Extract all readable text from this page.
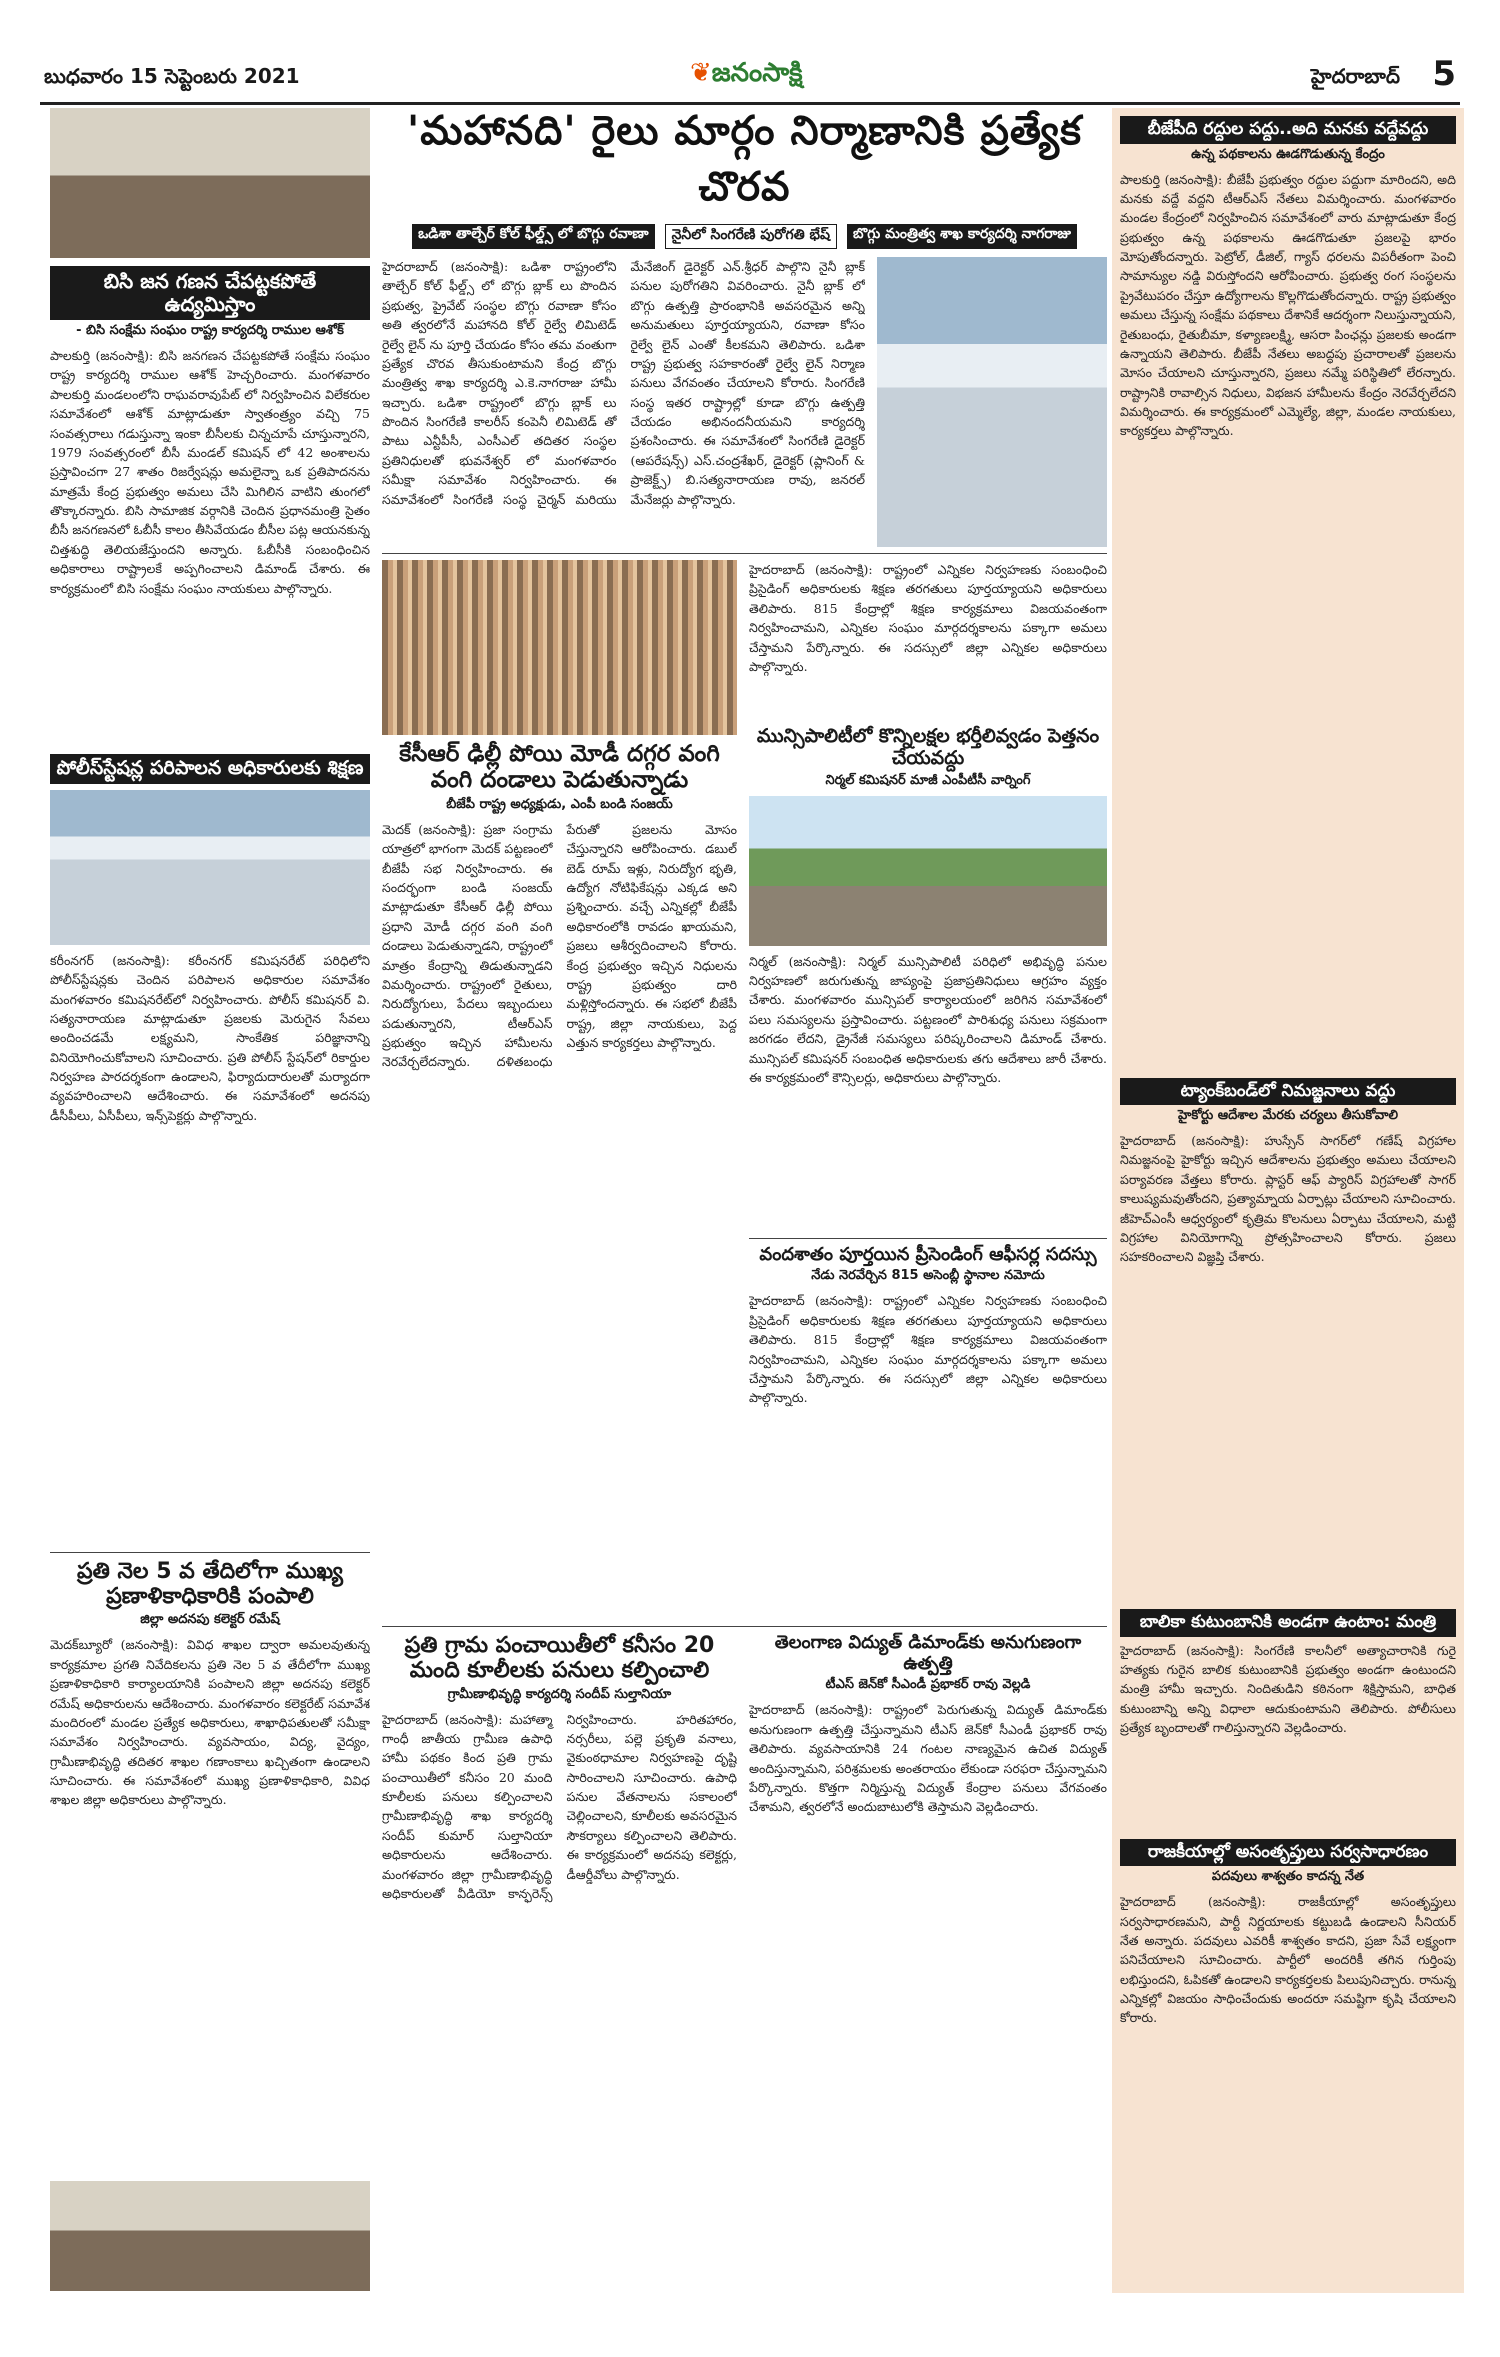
బుధవారం 15 సెప్టెంబరు 2021	❦జనంసాక్షి	హైదరాబాద్ 5
బిసి జన గణన చేపట్టకపోతే ఉద్యమిస్తాం
- బిసి సంక్షేమ సంఘం రాష్ట్ర కార్యదర్శి రాముల ఆశోక్
పాలకుర్తి (జనంసాక్షి): బిసి జనగణన చేపట్టకపోతే సంక్షేమ సంఘం రాష్ట్ర కార్యదర్శి రాముల ఆశోక్ హెచ్చరించారు. మంగళవారం పాలకుర్తి మండలంలోని రాఘవరావుపేట్ లో నిర్వహించిన విలేకరుల సమావేశంలో ఆశోక్ మాట్లాడుతూ స్వాతంత్ర్యం వచ్చి 75 సంవత్సరాలు గడుస్తున్నా ఇంకా బీసీలకు చిన్నచూపే చూస్తున్నారని, 1979 సంవత్సరంలో బీసీ మండల్ కమిషన్ లో 42 అంశాలను ప్రస్తావించగా 27 శాతం రిజర్వేషన్లు అమలైన్నా ఒక ప్రతిపాదనను మాత్రమే కేంద్ర ప్రభుత్వం అమలు చేసి మిగిలిన వాటిని తుంగలో తొక్కారన్నారు. బిసి సామాజిక వర్గానికి చెందిన ప్రధానమంత్రి సైతం బీసీ జనగణనలో ఓబీసీ కాలం తీసివేయడం బీసీల పట్ల ఆయనకున్న చిత్తశుద్ధి తెలియజేస్తుందని అన్నారు. ఓబీసీకి సంబంధించిన అధికారాలు రాష్ట్రాలకే అప్పగించాలని డిమాండ్ చేశారు. ఈ కార్యక్రమంలో బిసి సంక్షేమ సంఘం నాయకులు పాల్గొన్నారు.
పోలీస్‌స్టేషన్ల పరిపాలన అధికారులకు శిక్షణ
కరీంనగర్ (జనంసాక్షి): కరీంనగర్ కమిషనరేట్ పరిధిలోని పోలీస్‌స్టేషన్లకు చెందిన పరిపాలన అధికారుల సమావేశం మంగళవారం కమిషనరేట్‌లో నిర్వహించారు. పోలీస్ కమిషనర్ వి. సత్యనారాయణ మాట్లాడుతూ ప్రజలకు మెరుగైన సేవలు అందించడమే లక్ష్యమని, సాంకేతిక పరిజ్ఞానాన్ని వినియోగించుకోవాలని సూచించారు. ప్రతి పోలీస్ స్టేషన్‌లో రికార్డుల నిర్వహణ పారదర్శకంగా ఉండాలని, ఫిర్యాదుదారులతో మర్యాదగా వ్యవహరించాలని ఆదేశించారు. ఈ సమావేశంలో అదనపు డీసీపీలు, ఏసీపీలు, ఇన్స్‌పెక్టర్లు పాల్గొన్నారు.
ప్రతి నెల 5 వ తేదిలోగా ముఖ్య ప్రణాళికాధికారికి పంపాలి
జిల్లా అదనపు కలెక్టర్ రమేష్
మెదక్‌బ్యూరో (జనంసాక్షి): వివిధ శాఖల ద్వారా అమలవుతున్న కార్యక్రమాల ప్రగతి నివేదికలను ప్రతి నెల 5 వ తేదీలోగా ముఖ్య ప్రణాళికాధికారి కార్యాలయానికి పంపాలని జిల్లా అదనపు కలెక్టర్ రమేష్ అధికారులను ఆదేశించారు. మంగళవారం కలెక్టరేట్ సమావేశ మందిరంలో మండల ప్రత్యేక అధికారులు, శాఖాధిపతులతో సమీక్షా సమావేశం నిర్వహించారు. వ్యవసాయం, విద్య, వైద్యం, గ్రామీణాభివృద్ధి తదితర శాఖల గణాంకాలు ఖచ్చితంగా ఉండాలని సూచించారు. ఈ సమావేశంలో ముఖ్య ప్రణాళికాధికారి, వివిధ శాఖల జిల్లా అధికారులు పాల్గొన్నారు.
'మహానది' రైలు మార్గం నిర్మాణానికి ప్రత్యేక చొరవ
ఒడిశా తాల్చేర్ కోల్ ఫీల్డ్స్ లో బొగ్గు రవాణా	నైనీలో సింగరేణి పురోగతి భేష్	బొగ్గు మంత్రిత్వ శాఖ కార్యదర్శి నాగరాజు
హైదరాబాద్ (జనంసాక్షి): ఒడిశా రాష్ట్రంలోని తాల్చేర్ కోల్ ఫీల్డ్స్ లో బొగ్గు బ్లాక్ లు పొందిన ప్రభుత్వ, ప్రైవేట్ సంస్థల బొగ్గు రవాణా కోసం అతి త్వరలోనే మహానది కోల్ రైల్వే లిమిటెడ్ రైల్వే లైన్ ను పూర్తి చేయడం కోసం తమ వంతుగా ప్రత్యేక చొరవ తీసుకుంటామని కేంద్ర బొగ్గు మంత్రిత్వ శాఖ కార్యదర్శి ఎ.కె.నాగరాజు హామీ ఇచ్చారు. ఒడిశా రాష్ట్రంలో బొగ్గు బ్లాక్ లు పొందిన సింగరేణి కాలరీస్ కంపెనీ లిమిటెడ్ తో పాటు ఎన్టీపీసీ, ఎంసీఎల్ తదితర సంస్థల ప్రతినిధులతో భువనేశ్వర్ లో మంగళవారం సమీక్షా సమావేశం నిర్వహించారు. ఈ సమావేశంలో సింగరేణి సంస్థ చైర్మన్ మరియు మేనేజింగ్ డైరెక్టర్ ఎన్.శ్రీధర్ పాల్గొని నైనీ బ్లాక్ పనుల పురోగతిని వివరించారు. నైనీ బ్లాక్ లో బొగ్గు ఉత్పత్తి ప్రారంభానికి అవసరమైన అన్ని అనుమతులు పూర్తయ్యాయని, రవాణా కోసం రైల్వే లైన్ ఎంతో కీలకమని తెలిపారు. ఒడిశా రాష్ట్ర ప్రభుత్వ సహకారంతో రైల్వే లైన్ నిర్మాణ పనులు వేగవంతం చేయాలని కోరారు. సింగరేణి సంస్థ ఇతర రాష్ట్రాల్లో కూడా బొగ్గు ఉత్పత్తి చేయడం అభినందనీయమని కార్యదర్శి ప్రశంసించారు. ఈ సమావేశంలో సింగరేణి డైరెక్టర్ (ఆపరేషన్స్) ఎస్.చంద్రశేఖర్, డైరెక్టర్ (ప్లానింగ్ & ప్రాజెక్ట్స్) బి.సత్యనారాయణ రావు, జనరల్ మేనేజర్లు పాల్గొన్నారు.
కేసీఆర్ ఢిల్లీ పోయి మోడీ దగ్గర వంగి వంగి దండాలు పెడుతున్నాడు
బీజేపీ రాష్ట్ర అధ్యక్షుడు, ఎంపీ బండి సంజయ్
మెదక్ (జనంసాక్షి): ప్రజా సంగ్రామ యాత్రలో భాగంగా మెదక్ పట్టణంలో బీజేపీ సభ నిర్వహించారు. ఈ సందర్భంగా బండి సంజయ్ మాట్లాడుతూ కేసీఆర్ ఢిల్లీ పోయి ప్రధాని మోడీ దగ్గర వంగి వంగి దండాలు పెడుతున్నాడని, రాష్ట్రంలో మాత్రం కేంద్రాన్ని తిడుతున్నాడని విమర్శించారు. రాష్ట్రంలో రైతులు, నిరుద్యోగులు, పేదలు ఇబ్బందులు పడుతున్నారని, టీఆర్ఎస్ ప్రభుత్వం ఇచ్చిన హామీలను నెరవేర్చలేదన్నారు. దళితబంధు పేరుతో ప్రజలను మోసం చేస్తున్నారని ఆరోపించారు. డబుల్ బెడ్ రూమ్ ఇళ్లు, నిరుద్యోగ భృతి, ఉద్యోగ నోటిఫికేషన్లు ఎక్కడ అని ప్రశ్నించారు. వచ్చే ఎన్నికల్లో బీజేపీ అధికారంలోకి రావడం ఖాయమని, ప్రజలు ఆశీర్వదించాలని కోరారు. కేంద్ర ప్రభుత్వం ఇచ్చిన నిధులను రాష్ట్ర ప్రభుత్వం దారి మళ్లిస్తోందన్నారు. ఈ సభలో బీజేపీ రాష్ట్ర, జిల్లా నాయకులు, పెద్ద ఎత్తున కార్యకర్తలు పాల్గొన్నారు.
హైదరాబాద్ (జనంసాక్షి): రాష్ట్రంలో ఎన్నికల నిర్వహణకు సంబంధించి ప్రిసైడింగ్ అధికారులకు శిక్షణ తరగతులు పూర్తయ్యాయని అధికారులు తెలిపారు. 815 కేంద్రాల్లో శిక్షణ కార్యక్రమాలు విజయవంతంగా నిర్వహించామని, ఎన్నికల సంఘం మార్గదర్శకాలను పక్కాగా అమలు చేస్తామని పేర్కొన్నారు. ఈ సదస్సులో జిల్లా ఎన్నికల అధికారులు పాల్గొన్నారు.
మున్సిపాలిటీలో కొన్నిలక్షల భర్తీలివ్వడం పెత్తనం చేయవద్దు
నిర్మల్ కమిషనర్ మాజీ ఎంపీటీసీ వార్నింగ్
నిర్మల్ (జనంసాక్షి): నిర్మల్ మున్సిపాలిటీ పరిధిలో అభివృద్ధి పనుల నిర్వహణలో జరుగుతున్న జాప్యంపై ప్రజాప్రతినిధులు ఆగ్రహం వ్యక్తం చేశారు. మంగళవారం మున్సిపల్ కార్యాలయంలో జరిగిన సమావేశంలో పలు సమస్యలను ప్రస్తావించారు. పట్టణంలో పారిశుధ్య పనులు సక్రమంగా జరగడం లేదని, డ్రైనేజీ సమస్యలు పరిష్కరించాలని డిమాండ్ చేశారు. మున్సిపల్ కమిషనర్ సంబంధిత అధికారులకు తగు ఆదేశాలు జారీ చేశారు. ఈ కార్యక్రమంలో కౌన్సిలర్లు, అధికారులు పాల్గొన్నారు.
వందశాతం పూర్తయిన ప్రీసెండింగ్ ఆఫీసర్ల సదస్సు
నేడు నెరవేర్చిన 815 అసెంబ్లీ స్థానాల నమోదు
హైదరాబాద్ (జనంసాక్షి): రాష్ట్రంలో ఎన్నికల నిర్వహణకు సంబంధించి ప్రిసైడింగ్ అధికారులకు శిక్షణ తరగతులు పూర్తయ్యాయని అధికారులు తెలిపారు. 815 కేంద్రాల్లో శిక్షణ కార్యక్రమాలు విజయవంతంగా నిర్వహించామని, ఎన్నికల సంఘం మార్గదర్శకాలను పక్కాగా అమలు చేస్తామని పేర్కొన్నారు. ఈ సదస్సులో జిల్లా ఎన్నికల అధికారులు పాల్గొన్నారు.
ప్రతి గ్రామ పంచాయితీలో కనీసం 20 మంది కూలీలకు పనులు కల్పించాలి
గ్రామీణాభివృద్ధి కార్యదర్శి సందీప్ సుల్తానియా
హైదరాబాద్ (జనంసాక్షి): మహాత్మా గాంధీ జాతీయ గ్రామీణ ఉపాధి హామీ పథకం కింద ప్రతి గ్రామ పంచాయితీలో కనీసం 20 మంది కూలీలకు పనులు కల్పించాలని గ్రామీణాభివృద్ధి శాఖ కార్యదర్శి సందీప్ కుమార్ సుల్తానియా అధికారులను ఆదేశించారు. మంగళవారం జిల్లా గ్రామీణాభివృద్ధి అధికారులతో వీడియో కాన్ఫరెన్స్ నిర్వహించారు. హరితహారం, నర్సరీలు, పల్లె ప్రకృతి వనాలు, వైకుంఠధామాల నిర్వహణపై దృష్టి సారించాలని సూచించారు. ఉపాధి పనుల వేతనాలను సకాలంలో చెల్లించాలని, కూలీలకు అవసరమైన సౌకర్యాలు కల్పించాలని తెలిపారు. ఈ కార్యక్రమంలో అదనపు కలెక్టర్లు, డీఆర్డీవోలు పాల్గొన్నారు.
తెలంగాణ విద్యుత్ డిమాండ్‌కు అనుగుణంగా ఉత్పత్తి
టీఎస్ జెన్‌కో సీఎండీ ప్రభాకర్ రావు వెల్లడి
హైదరాబాద్ (జనంసాక్షి): రాష్ట్రంలో పెరుగుతున్న విద్యుత్ డిమాండ్‌కు అనుగుణంగా ఉత్పత్తి చేస్తున్నామని టీఎస్ జెన్‌కో సీఎండీ ప్రభాకర్ రావు తెలిపారు. వ్యవసాయానికి 24 గంటల నాణ్యమైన ఉచిత విద్యుత్ అందిస్తున్నామని, పరిశ్రమలకు అంతరాయం లేకుండా సరఫరా చేస్తున్నామని పేర్కొన్నారు. కొత్తగా నిర్మిస్తున్న విద్యుత్ కేంద్రాల పనులు వేగవంతం చేశామని, త్వరలోనే అందుబాటులోకి తెస్తామని వెల్లడించారు.
బీజేపీది రద్దుల పద్దు..అది మనకు వద్దేవద్దు
ఉన్న పథకాలను ఊడగొడుతున్న కేంద్రం
పాలకుర్తి (జనంసాక్షి): బీజేపీ ప్రభుత్వం రద్దుల పద్దుగా మారిందని, అది మనకు వద్దే వద్దని టీఆర్ఎస్ నేతలు విమర్శించారు. మంగళవారం మండల కేంద్రంలో నిర్వహించిన సమావేశంలో వారు మాట్లాడుతూ కేంద్ర ప్రభుత్వం ఉన్న పథకాలను ఊడగొడుతూ ప్రజలపై భారం మోపుతోందన్నారు. పెట్రోల్, డీజిల్, గ్యాస్ ధరలను విపరీతంగా పెంచి సామాన్యుల నడ్డి విరుస్తోందని ఆరోపించారు. ప్రభుత్వ రంగ సంస్థలను ప్రైవేటుపరం చేస్తూ ఉద్యోగాలను కొల్లగొడుతోందన్నారు. రాష్ట్ర ప్రభుత్వం అమలు చేస్తున్న సంక్షేమ పథకాలు దేశానికే ఆదర్శంగా నిలుస్తున్నాయని, రైతుబంధు, రైతుబీమా, కళ్యాణలక్ష్మి, ఆసరా పింఛన్లు ప్రజలకు అండగా ఉన్నాయని తెలిపారు. బీజేపీ నేతలు అబద్ధపు ప్రచారాలతో ప్రజలను మోసం చేయాలని చూస్తున్నారని, ప్రజలు నమ్మే పరిస్థితిలో లేరన్నారు. రాష్ట్రానికి రావాల్సిన నిధులు, విభజన హామీలను కేంద్రం నెరవేర్చలేదని విమర్శించారు. ఈ కార్యక్రమంలో ఎమ్మెల్యే, జిల్లా, మండల నాయకులు, కార్యకర్తలు పాల్గొన్నారు.
ట్యాంక్‌బండ్‌లో నిమజ్జనాలు వద్దు
హైకోర్టు ఆదేశాల మేరకు చర్యలు తీసుకోవాలి
హైదరాబాద్ (జనంసాక్షి): హుస్సేన్ సాగర్‌లో గణేష్ విగ్రహాల నిమజ్జనంపై హైకోర్టు ఇచ్చిన ఆదేశాలను ప్రభుత్వం అమలు చేయాలని పర్యావరణ వేత్తలు కోరారు. ప్లాస్టర్ ఆఫ్ ప్యారిస్ విగ్రహాలతో సాగర్ కాలుష్యమవుతోందని, ప్రత్యామ్నాయ ఏర్పాట్లు చేయాలని సూచించారు. జీహెచ్ఎంసీ ఆధ్వర్యంలో కృత్రిమ కొలనులు ఏర్పాటు చేయాలని, మట్టి విగ్రహాల వినియోగాన్ని ప్రోత్సహించాలని కోరారు. ప్రజలు సహకరించాలని విజ్ఞప్తి చేశారు.
బాలికా కుటుంబానికి అండగా ఉంటాం: మంత్రి
హైదరాబాద్ (జనంసాక్షి): సింగరేణి కాలనీలో అత్యాచారానికి గురై హత్యకు గురైన బాలిక కుటుంబానికి ప్రభుత్వం అండగా ఉంటుందని మంత్రి హామీ ఇచ్చారు. నిందితుడిని కఠినంగా శిక్షిస్తామని, బాధిత కుటుంబాన్ని అన్ని విధాలా ఆదుకుంటామని తెలిపారు. పోలీసులు ప్రత్యేక బృందాలతో గాలిస్తున్నారని వెల్లడించారు.
రాజకీయాల్లో అసంతృప్తులు సర్వసాధారణం
పదవులు శాశ్వతం కాదన్న నేత
హైదరాబాద్ (జనంసాక్షి): రాజకీయాల్లో అసంతృప్తులు సర్వసాధారణమని, పార్టీ నిర్ణయాలకు కట్టుబడి ఉండాలని సీనియర్ నేత అన్నారు. పదవులు ఎవరికీ శాశ్వతం కాదని, ప్రజా సేవే లక్ష్యంగా పనిచేయాలని సూచించారు. పార్టీలో అందరికీ తగిన గుర్తింపు లభిస్తుందని, ఓపికతో ఉండాలని కార్యకర్తలకు పిలుపునిచ్చారు. రానున్న ఎన్నికల్లో విజయం సాధించేందుకు అందరూ సమష్టిగా కృషి చేయాలని కోరారు.
